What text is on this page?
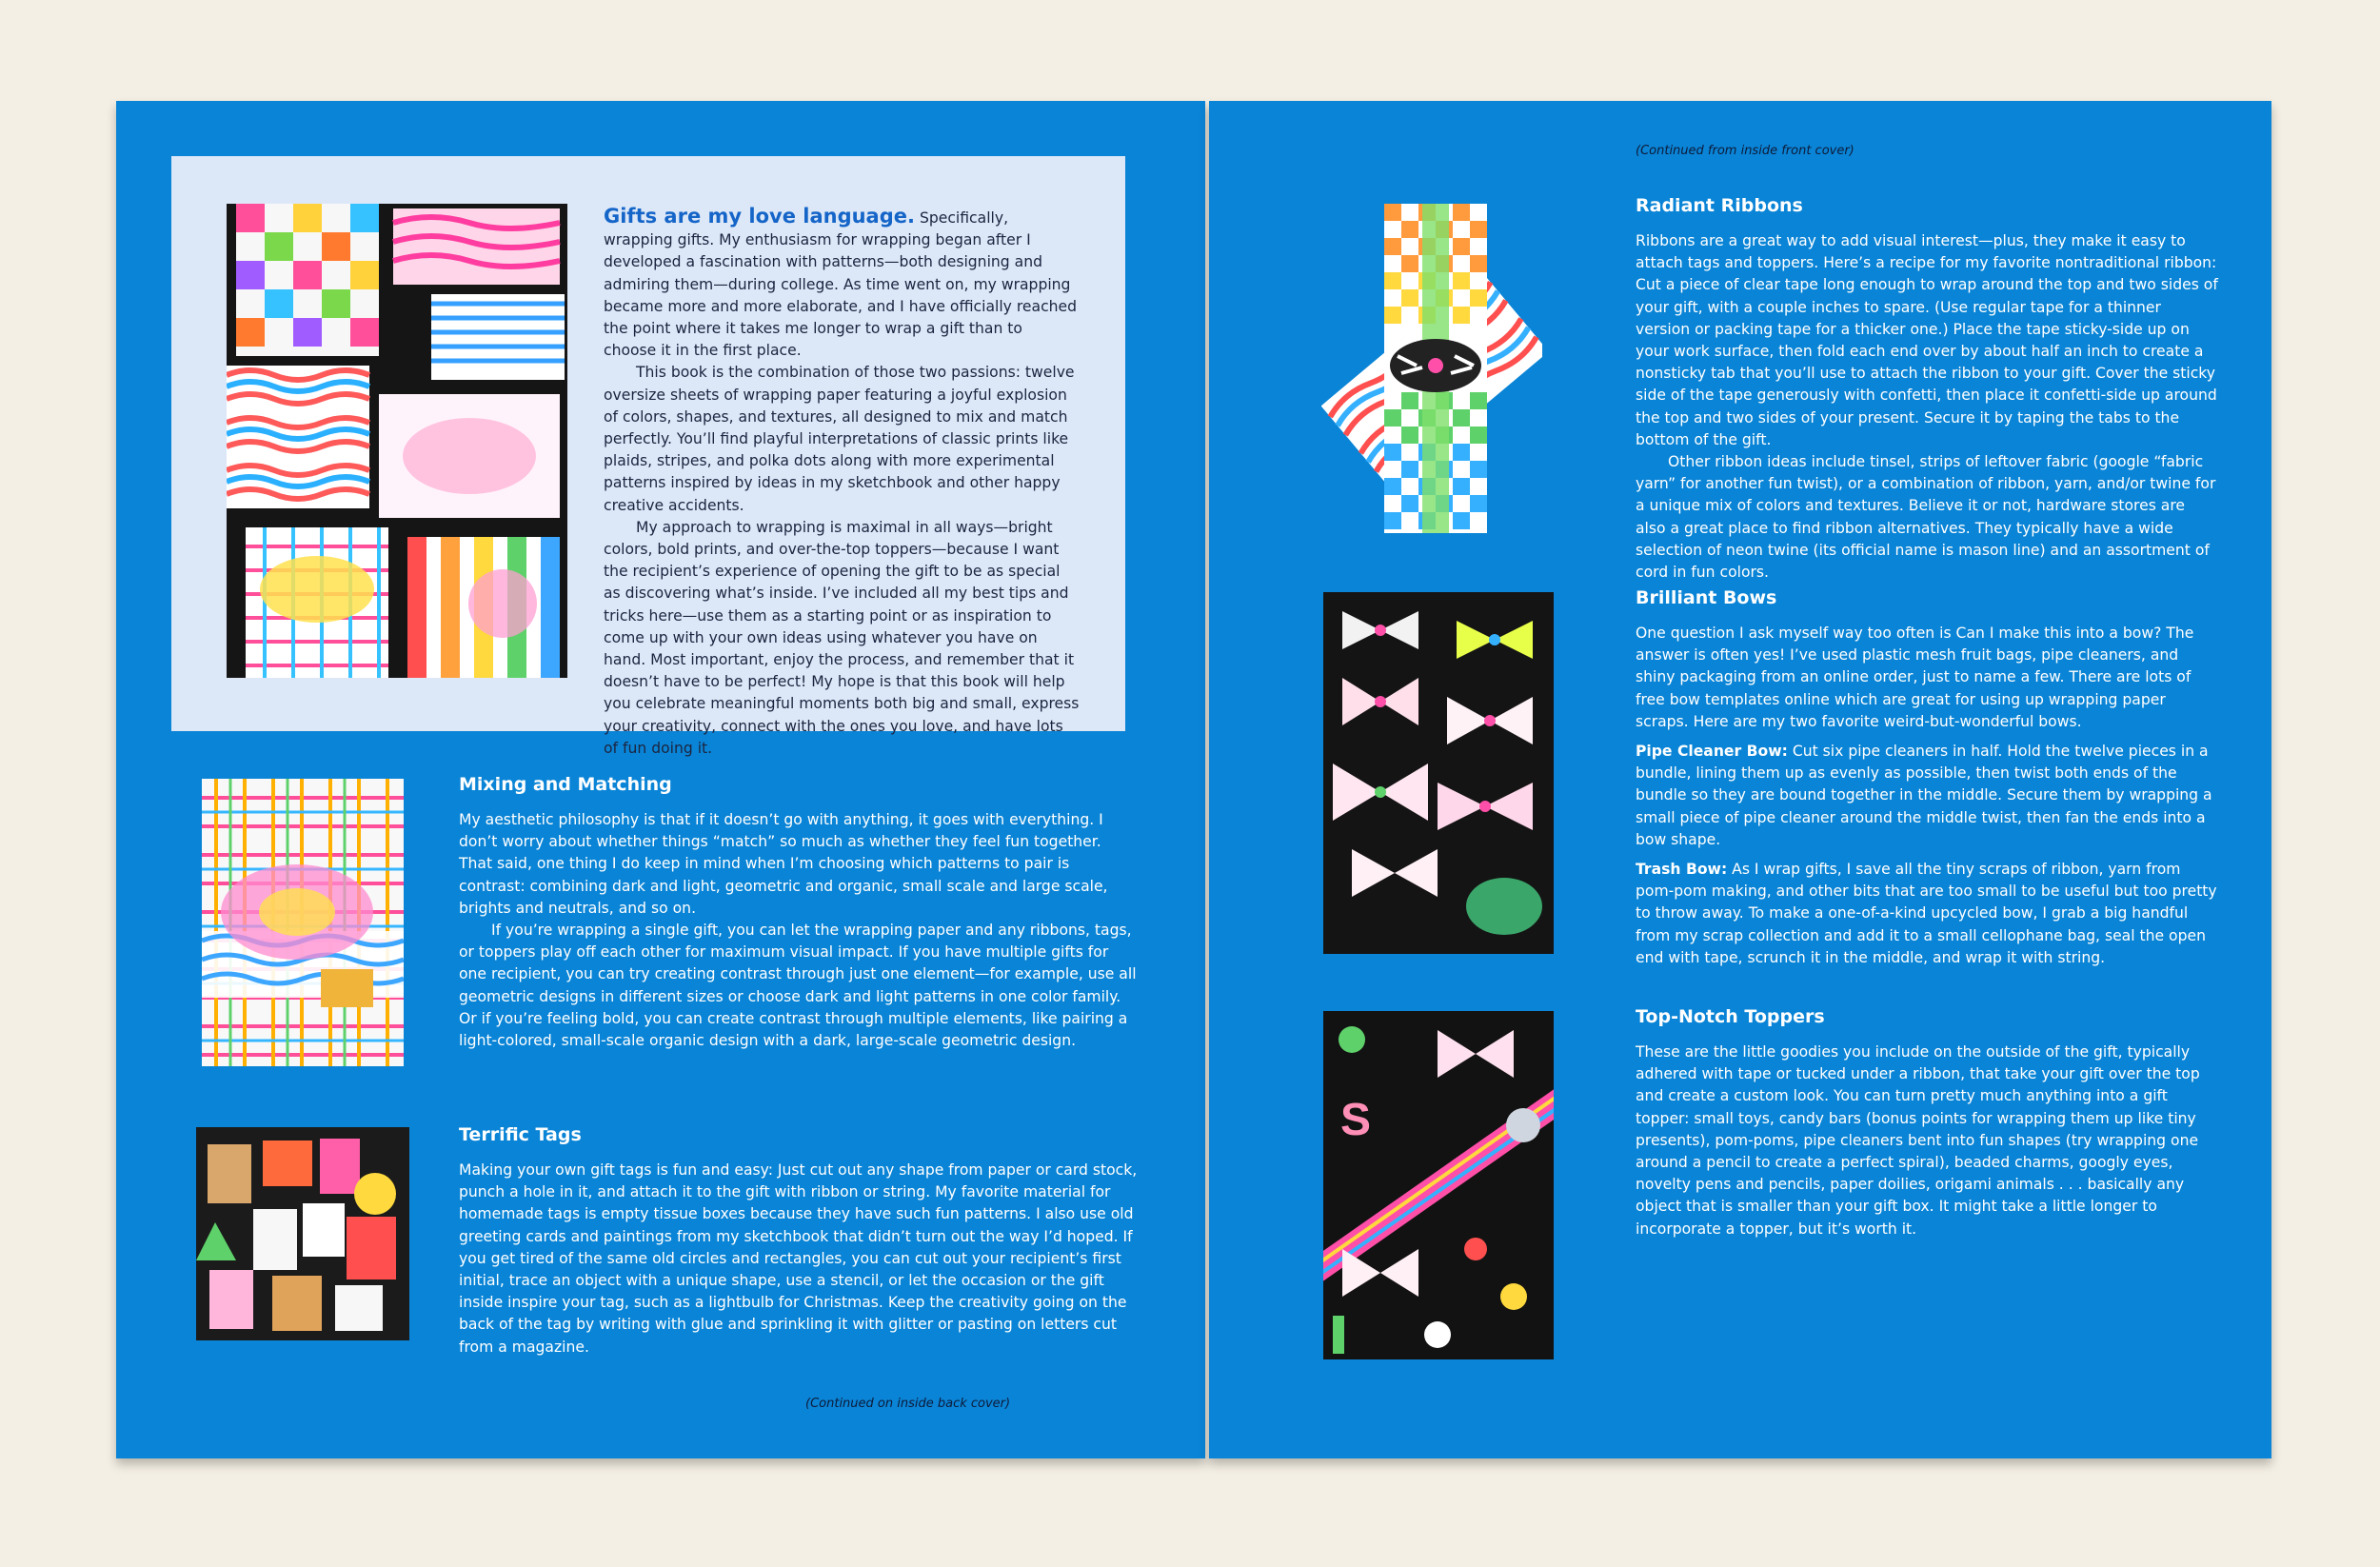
Gifts are my love language. Specifically, wrapping gifts. My enthusiasm for wrapping began after I developed a fascination with patterns—both designing and admiring them—during college. As time went on, my wrapping became more and more elaborate, and I have officially reached the point where it takes me longer to wrap a gift than to choose it in the first place.

This book is the combination of those two passions: twelve oversize sheets of wrapping paper featuring a joyful explosion of colors, shapes, and textures, all designed to mix and match perfectly. You’ll find playful interpretations of classic prints like plaids, stripes, and polka dots along with more experimental patterns inspired by ideas in my sketchbook and other happy creative accidents.

My approach to wrapping is maximal in all ways—bright colors, bold prints, and over-the-top toppers—because I want the recipient’s experience of opening the gift to be as special as discovering what’s inside. I’ve included all my best tips and tricks here—use them as a starting point or as inspiration to come up with your own ideas using whatever you have on hand. Most important, enjoy the process, and remember that it doesn’t have to be perfect! My hope is that this book will help you celebrate meaningful moments both big and small, express your creativity, connect with the ones you love, and have lots of fun doing it.

Mixing and Matching

My aesthetic philosophy is that if it doesn’t go with anything, it goes with everything. I don’t worry about whether things “match” so much as whether they feel fun together. That said, one thing I do keep in mind when I’m choosing which patterns to pair is contrast: combining dark and light, geometric and organic, small scale and large scale, brights and neutrals, and so on.

If you’re wrapping a single gift, you can let the wrapping paper and any ribbons, tags, or toppers play off each other for maximum visual impact. If you have multiple gifts for one recipient, you can try creating contrast through just one element—for example, use all geometric designs in different sizes or choose dark and light patterns in one color family. Or if you’re feeling bold, you can create contrast through multiple elements, like pairing a light-colored, small-scale organic design with a dark, large-scale geometric design.

Terrific Tags

Making your own gift tags is fun and easy: Just cut out any shape from paper or card stock, punch a hole in it, and attach it to the gift with ribbon or string. My favorite material for homemade tags is empty tissue boxes because they have such fun patterns. I also use old greeting cards and paintings from my sketchbook that didn’t turn out the way I’d hoped. If you get tired of the same old circles and rectangles, you can cut out your recipient’s first initial, trace an object with a unique shape, use a stencil, or let the occasion or the gift inside inspire your tag, such as a lightbulb for Christmas. Keep the creativity going on the back of the tag by writing with glue and sprinkling it with glitter or pasting on letters cut from a magazine.

(Continued on inside back cover)
(Continued from inside front cover)
Radiant Ribbons

Ribbons are a great way to add visual interest—plus, they make it easy to attach tags and toppers. Here’s a recipe for my favorite nontraditional ribbon: Cut a piece of clear tape long enough to wrap around the top and two sides of your gift, with a couple inches to spare. (Use regular tape for a thinner version or packing tape for a thicker one.) Place the tape sticky-side up on your work surface, then fold each end over by about half an inch to create a nonsticky tab that you’ll use to attach the ribbon to your gift. Cover the sticky side of the tape generously with confetti, then place it confetti-side up around the top and two sides of your present. Secure it by taping the tabs to the bottom of the gift.

Other ribbon ideas include tinsel, strips of leftover fabric (google “fabric yarn” for another fun twist), or a combination of ribbon, yarn, and/or twine for a unique mix of colors and textures. Believe it or not, hardware stores are also a great place to find ribbon alternatives. They typically have a wide selection of neon twine (its official name is mason line) and an assortment of cord in fun colors.

Brilliant Bows

One question I ask myself way too often is Can I make this into a bow? The answer is often yes! I’ve used plastic mesh fruit bags, pipe cleaners, and shiny packaging from an online order, just to name a few. There are lots of free bow templates online which are great for using up wrapping paper scraps. Here are my two favorite weird-but-wonderful bows.

Pipe Cleaner Bow: Cut six pipe cleaners in half. Hold the twelve pieces in a bundle, lining them up as evenly as possible, then twist both ends of the bundle so they are bound together in the middle. Secure them by wrapping a small piece of pipe cleaner around the middle twist, then fan the ends into a bow shape.

Trash Bow: As I wrap gifts, I save all the tiny scraps of ribbon, yarn from pom-pom making, and other bits that are too small to be useful but too pretty to throw away. To make a one-of-a-kind upcycled bow, I grab a big handful from my scrap collection and add it to a small cellophane bag, seal the open end with tape, scrunch it in the middle, and wrap it with string.

S
Top-Notch Toppers

These are the little goodies you include on the outside of the gift, typically adhered with tape or tucked under a ribbon, that take your gift over the top and create a custom look. You can turn pretty much anything into a gift topper: small toys, candy bars (bonus points for wrapping them up like tiny presents), pom-poms, pipe cleaners bent into fun shapes (try wrapping one around a pencil to create a perfect spiral), beaded charms, googly eyes, novelty pens and pencils, paper doilies, origami animals . . . basically any object that is smaller than your gift box. It might take a little longer to incorporate a topper, but it’s worth it.
